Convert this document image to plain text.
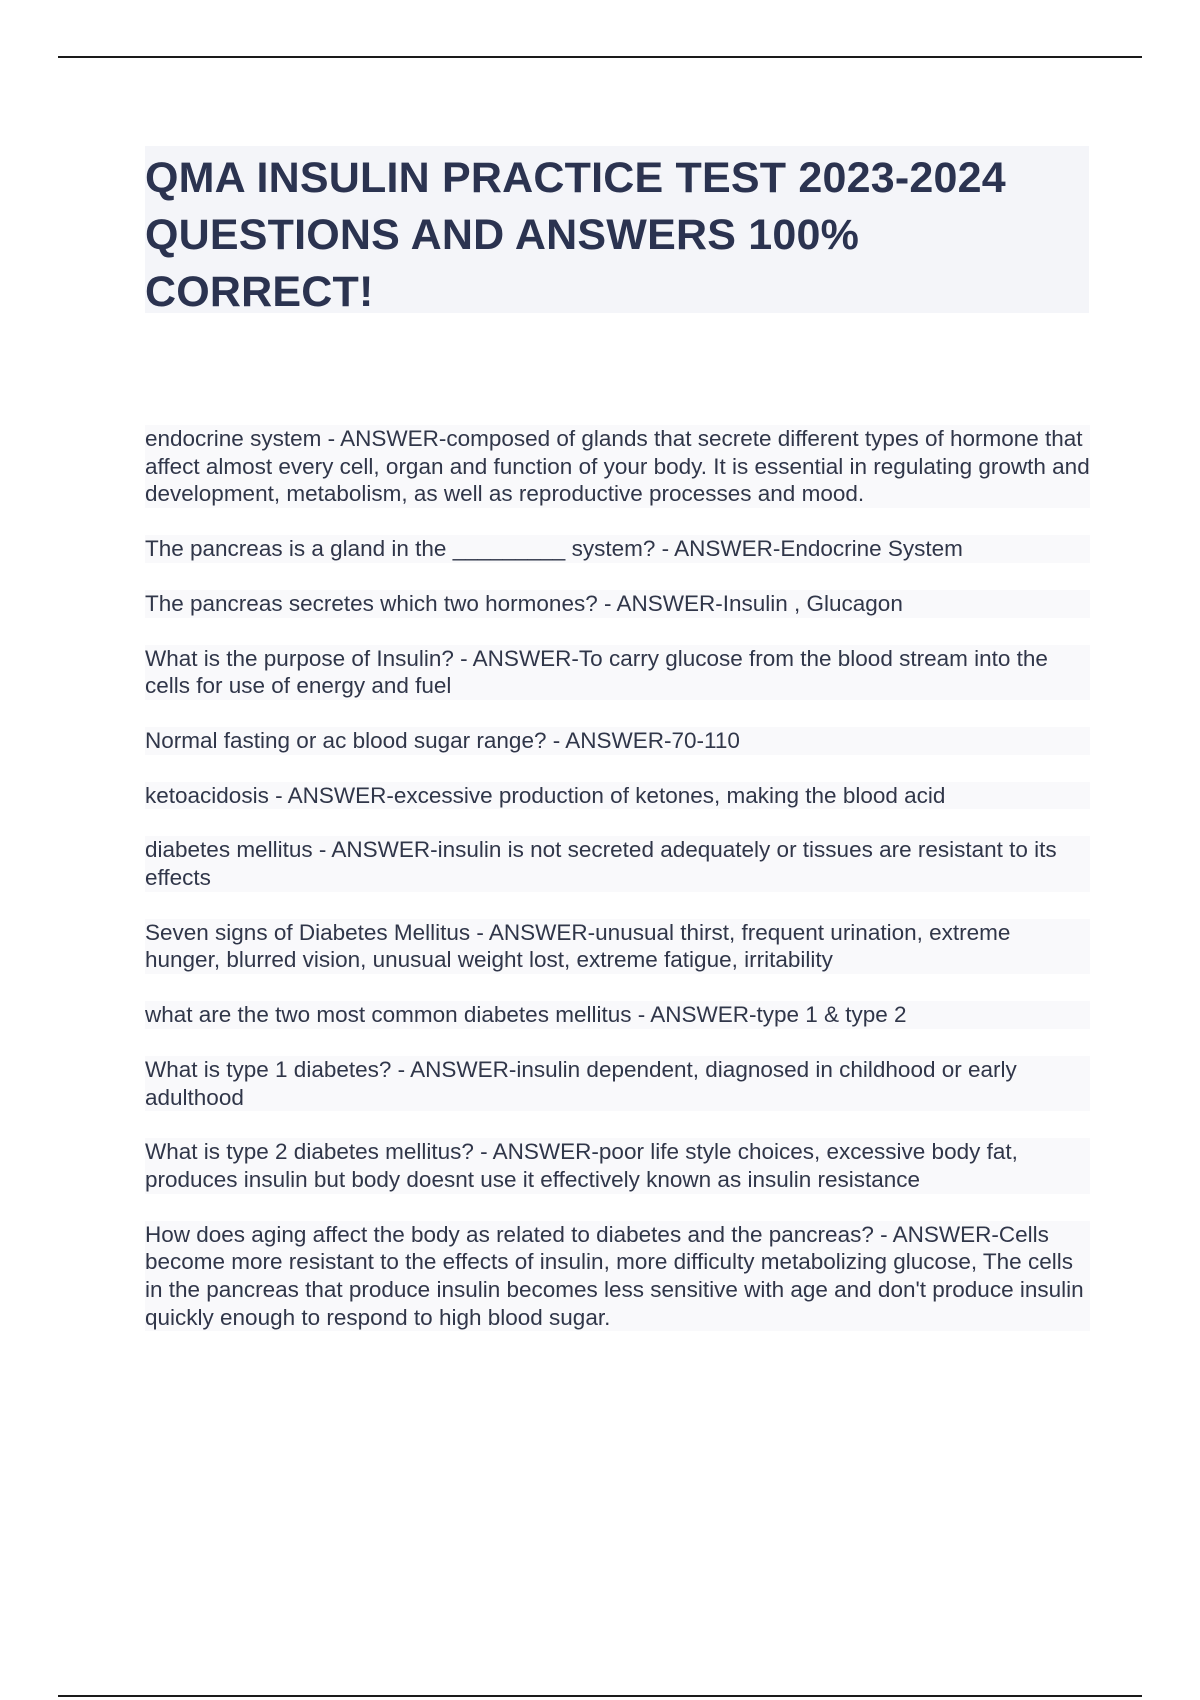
QMA INSULIN PRACTICE TEST 2023-2024 QUESTIONS AND ANSWERS 100% CORRECT!

endocrine system - ANSWER-composed of glands that secrete different types of hormone that affect almost every cell, organ and function of your body. It is essential in regulating growth and development, metabolism, as well as reproductive processes and mood.

The pancreas is a gland in the _________ system? - ANSWER-Endocrine System

The pancreas secretes which two hormones? - ANSWER-Insulin , Glucagon

What is the purpose of Insulin? - ANSWER-To carry glucose from the blood stream into the cells for use of energy and fuel

Normal fasting or ac blood sugar range? - ANSWER-70-110

ketoacidosis - ANSWER-excessive production of ketones, making the blood acid

diabetes mellitus - ANSWER-insulin is not secreted adequately or tissues are resistant to its effects

Seven signs of Diabetes Mellitus - ANSWER-unusual thirst, frequent urination, extreme hunger, blurred vision, unusual weight lost, extreme fatigue, irritability

what are the two most common diabetes mellitus - ANSWER-type 1 & type 2

What is type 1 diabetes? - ANSWER-insulin dependent, diagnosed in childhood or early adulthood

What is type 2 diabetes mellitus? - ANSWER-poor life style choices, excessive body fat, produces insulin but body doesnt use it effectively known as insulin resistance

How does aging affect the body as related to diabetes and the pancreas? - ANSWER-Cells become more resistant to the effects of insulin, more difficulty metabolizing glucose, The cells in the pancreas that produce insulin becomes less sensitive with age and don't produce insulin quickly enough to respond to high blood sugar.
